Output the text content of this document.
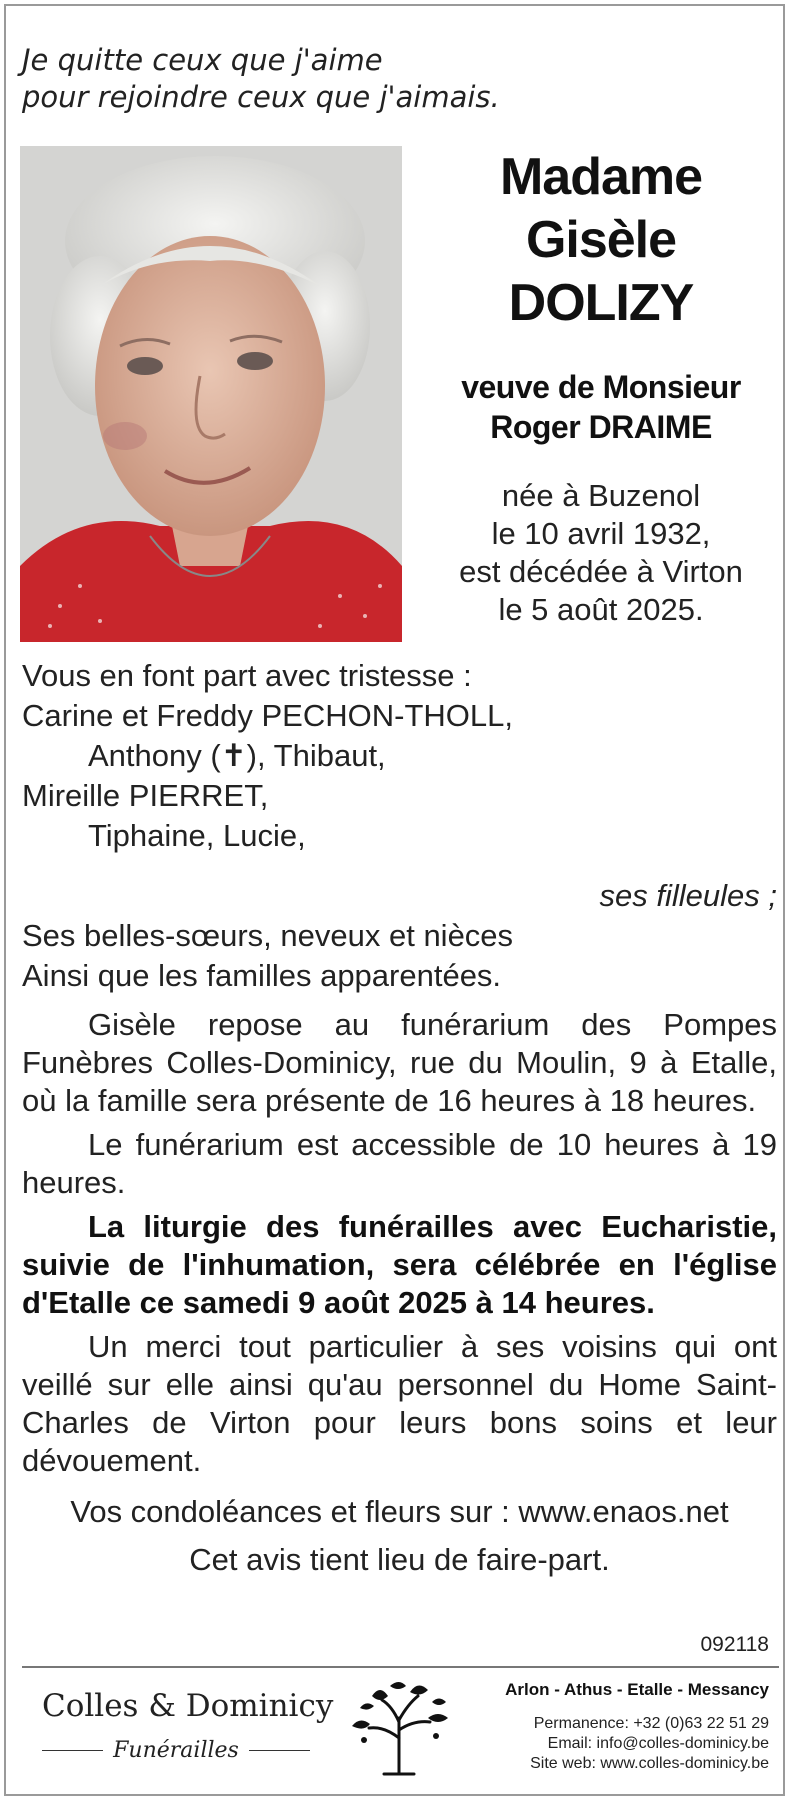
Je quitte ceux que j'aime
pour rejoindre ceux que j'aimais.
Madame
Gisèle
DOLIZY
veuve de Monsieur
Roger DRAIME
née à Buzenol
le 10 avril 1932,
est décédée à Virton
le 5 août 2025.
Vous en font part avec tristesse :
Carine et Freddy PECHON-THOLL,
Anthony (✝), Thibaut,
Mireille PIERRET,
Tiphaine, Lucie,
ses filleules ;
Ses belles-sœurs, neveux et nièces
Ainsi que les familles apparentées.
Gisèle repose au funérarium des Pompes Funèbres Colles-Dominicy, rue du Moulin, 9 à Etalle, où la famille sera présente de 16 heures à 18 heures.
Le funérarium est accessible de 10 heures à 19 heures.
La liturgie des funérailles avec Eucharistie, suivie de l'inhumation, sera célébrée en l'église d'Etalle ce samedi 9 août 2025 à 14 heures.
Un merci tout particulier à ses voisins qui ont veillé sur elle ainsi qu'au personnel du Home Saint-Charles de Virton pour leurs bons soins et leur dévouement.
Vos condoléances et fleurs sur : www.enaos.net
Cet avis tient lieu de faire-part.
092118
Colles & Dominicy
Funérailles
Arlon - Athus - Etalle - Messancy
Permanence: +32 (0)63 22 51 29
Email: info@colles-dominicy.be
Site web: www.colles-dominicy.be
